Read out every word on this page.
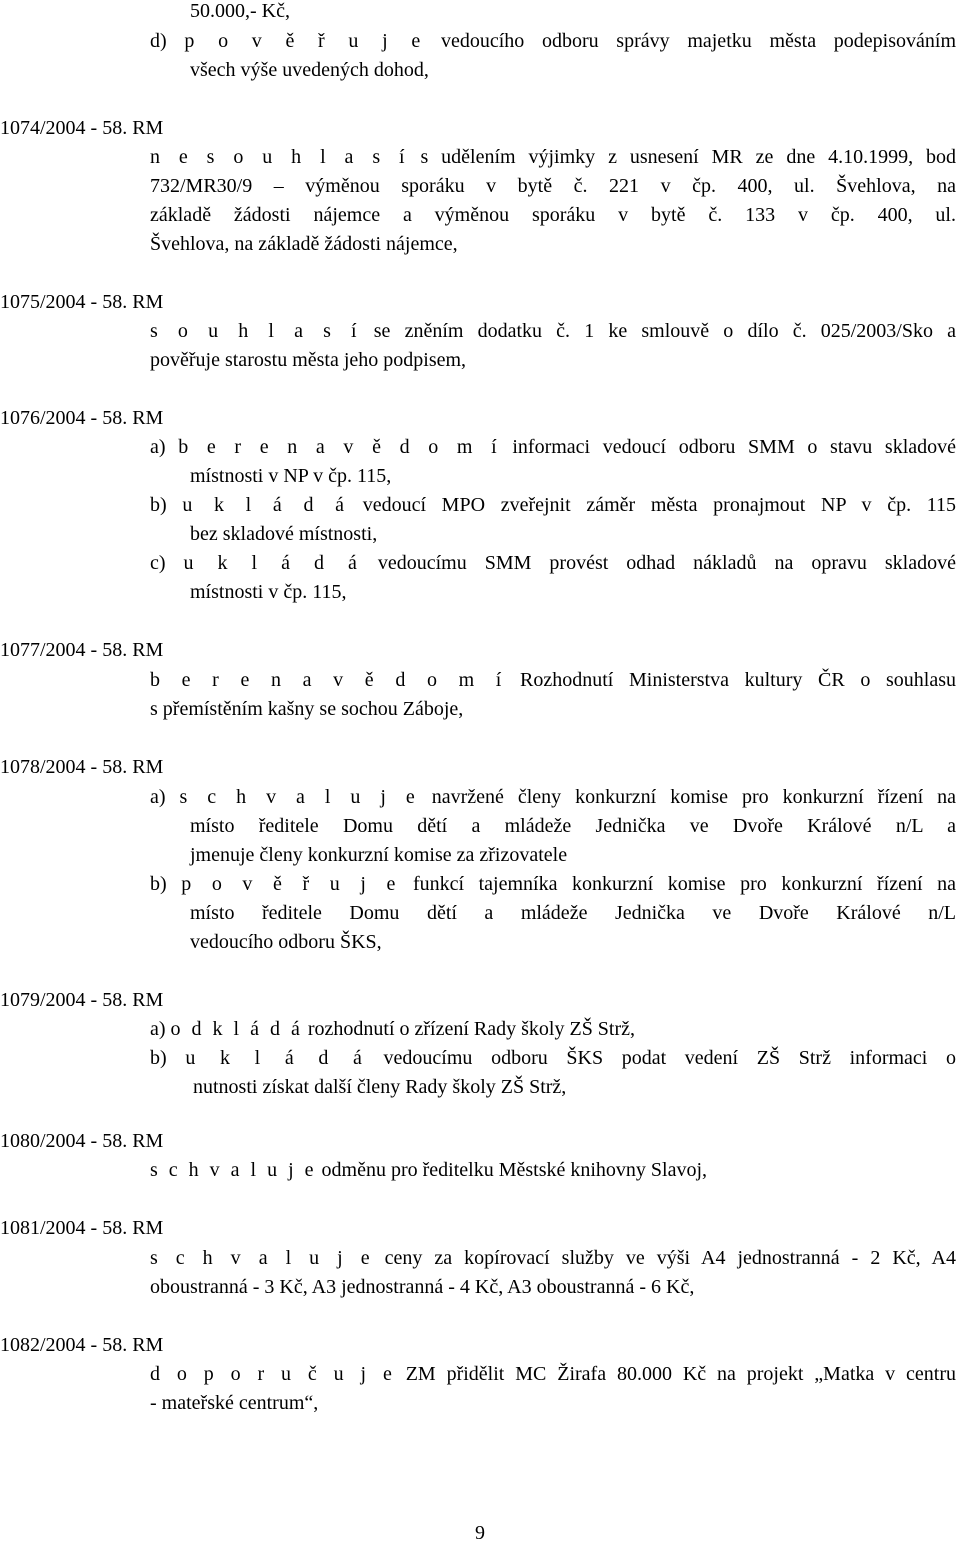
50.000,- Kč,
d) p o v ě ř u j e vedoucího odboru správy majetku města podepisováním
všech výše uvedených dohod,
1074/2004 - 58. RM
n e s o u h l a s í s udělením výjimky z usnesení MR ze dne 4.10.1999, bod
732/MR30/9 – výměnou sporáku v bytě č. 221 v čp. 400, ul. Švehlova, na
základě žádosti nájemce a výměnou sporáku v bytě č. 133 v čp. 400, ul.
Švehlova, na základě žádosti nájemce,
1075/2004 - 58. RM
s o u h l a s í se zněním dodatku č. 1 ke smlouvě o dílo č. 025/2003/Sko a
pověřuje starostu města jeho podpisem,
1076/2004 - 58. RM
a) b e r e n a v ě d o m í informaci vedoucí odboru SMM o stavu skladové
místnosti v NP v čp. 115,
b) u k l á d á vedoucí MPO zveřejnit záměr města pronajmout NP v čp. 115
bez skladové místnosti,
c) u k l á d á vedoucímu SMM provést odhad nákladů na opravu skladové
místnosti v čp. 115,
1077/2004 - 58. RM
b e r e n a v ě d o m í Rozhodnutí Ministerstva kultury ČR o souhlasu
s přemístěním kašny se sochou Záboje,
1078/2004 - 58. RM
a) s c h v a l u j e navržené členy konkurzní komise pro konkurzní řízení na
místo ředitele Domu dětí a mládeže Jednička ve Dvoře Králové n/L a
jmenuje členy konkurzní komise za zřizovatele
b) p o v ě ř u j e funkcí tajemníka konkurzní komise pro konkurzní řízení na
místo ředitele Domu dětí a mládeže Jednička ve Dvoře Králové n/L
vedoucího odboru ŠKS,
1079/2004 - 58. RM
a) o d k l á d á rozhodnutí o zřízení Rady školy ZŠ Strž,
b) u k l á d á vedoucímu odboru ŠKS podat vedení ZŠ Strž informaci o
nutnosti získat další členy Rady školy ZŠ Strž,
1080/2004 - 58. RM
s c h v a l u j e odměnu pro ředitelku Městské knihovny Slavoj,
1081/2004 - 58. RM
s c h v a l u j e ceny za kopírovací služby ve výši A4 jednostranná - 2 Kč, A4
oboustranná - 3 Kč, A3 jednostranná - 4 Kč, A3 oboustranná - 6 Kč,
1082/2004 - 58. RM
d o p o r u č u j e ZM přidělit MC Žirafa 80.000 Kč na projekt „Matka v centru
- mateřské centrum“,
9
